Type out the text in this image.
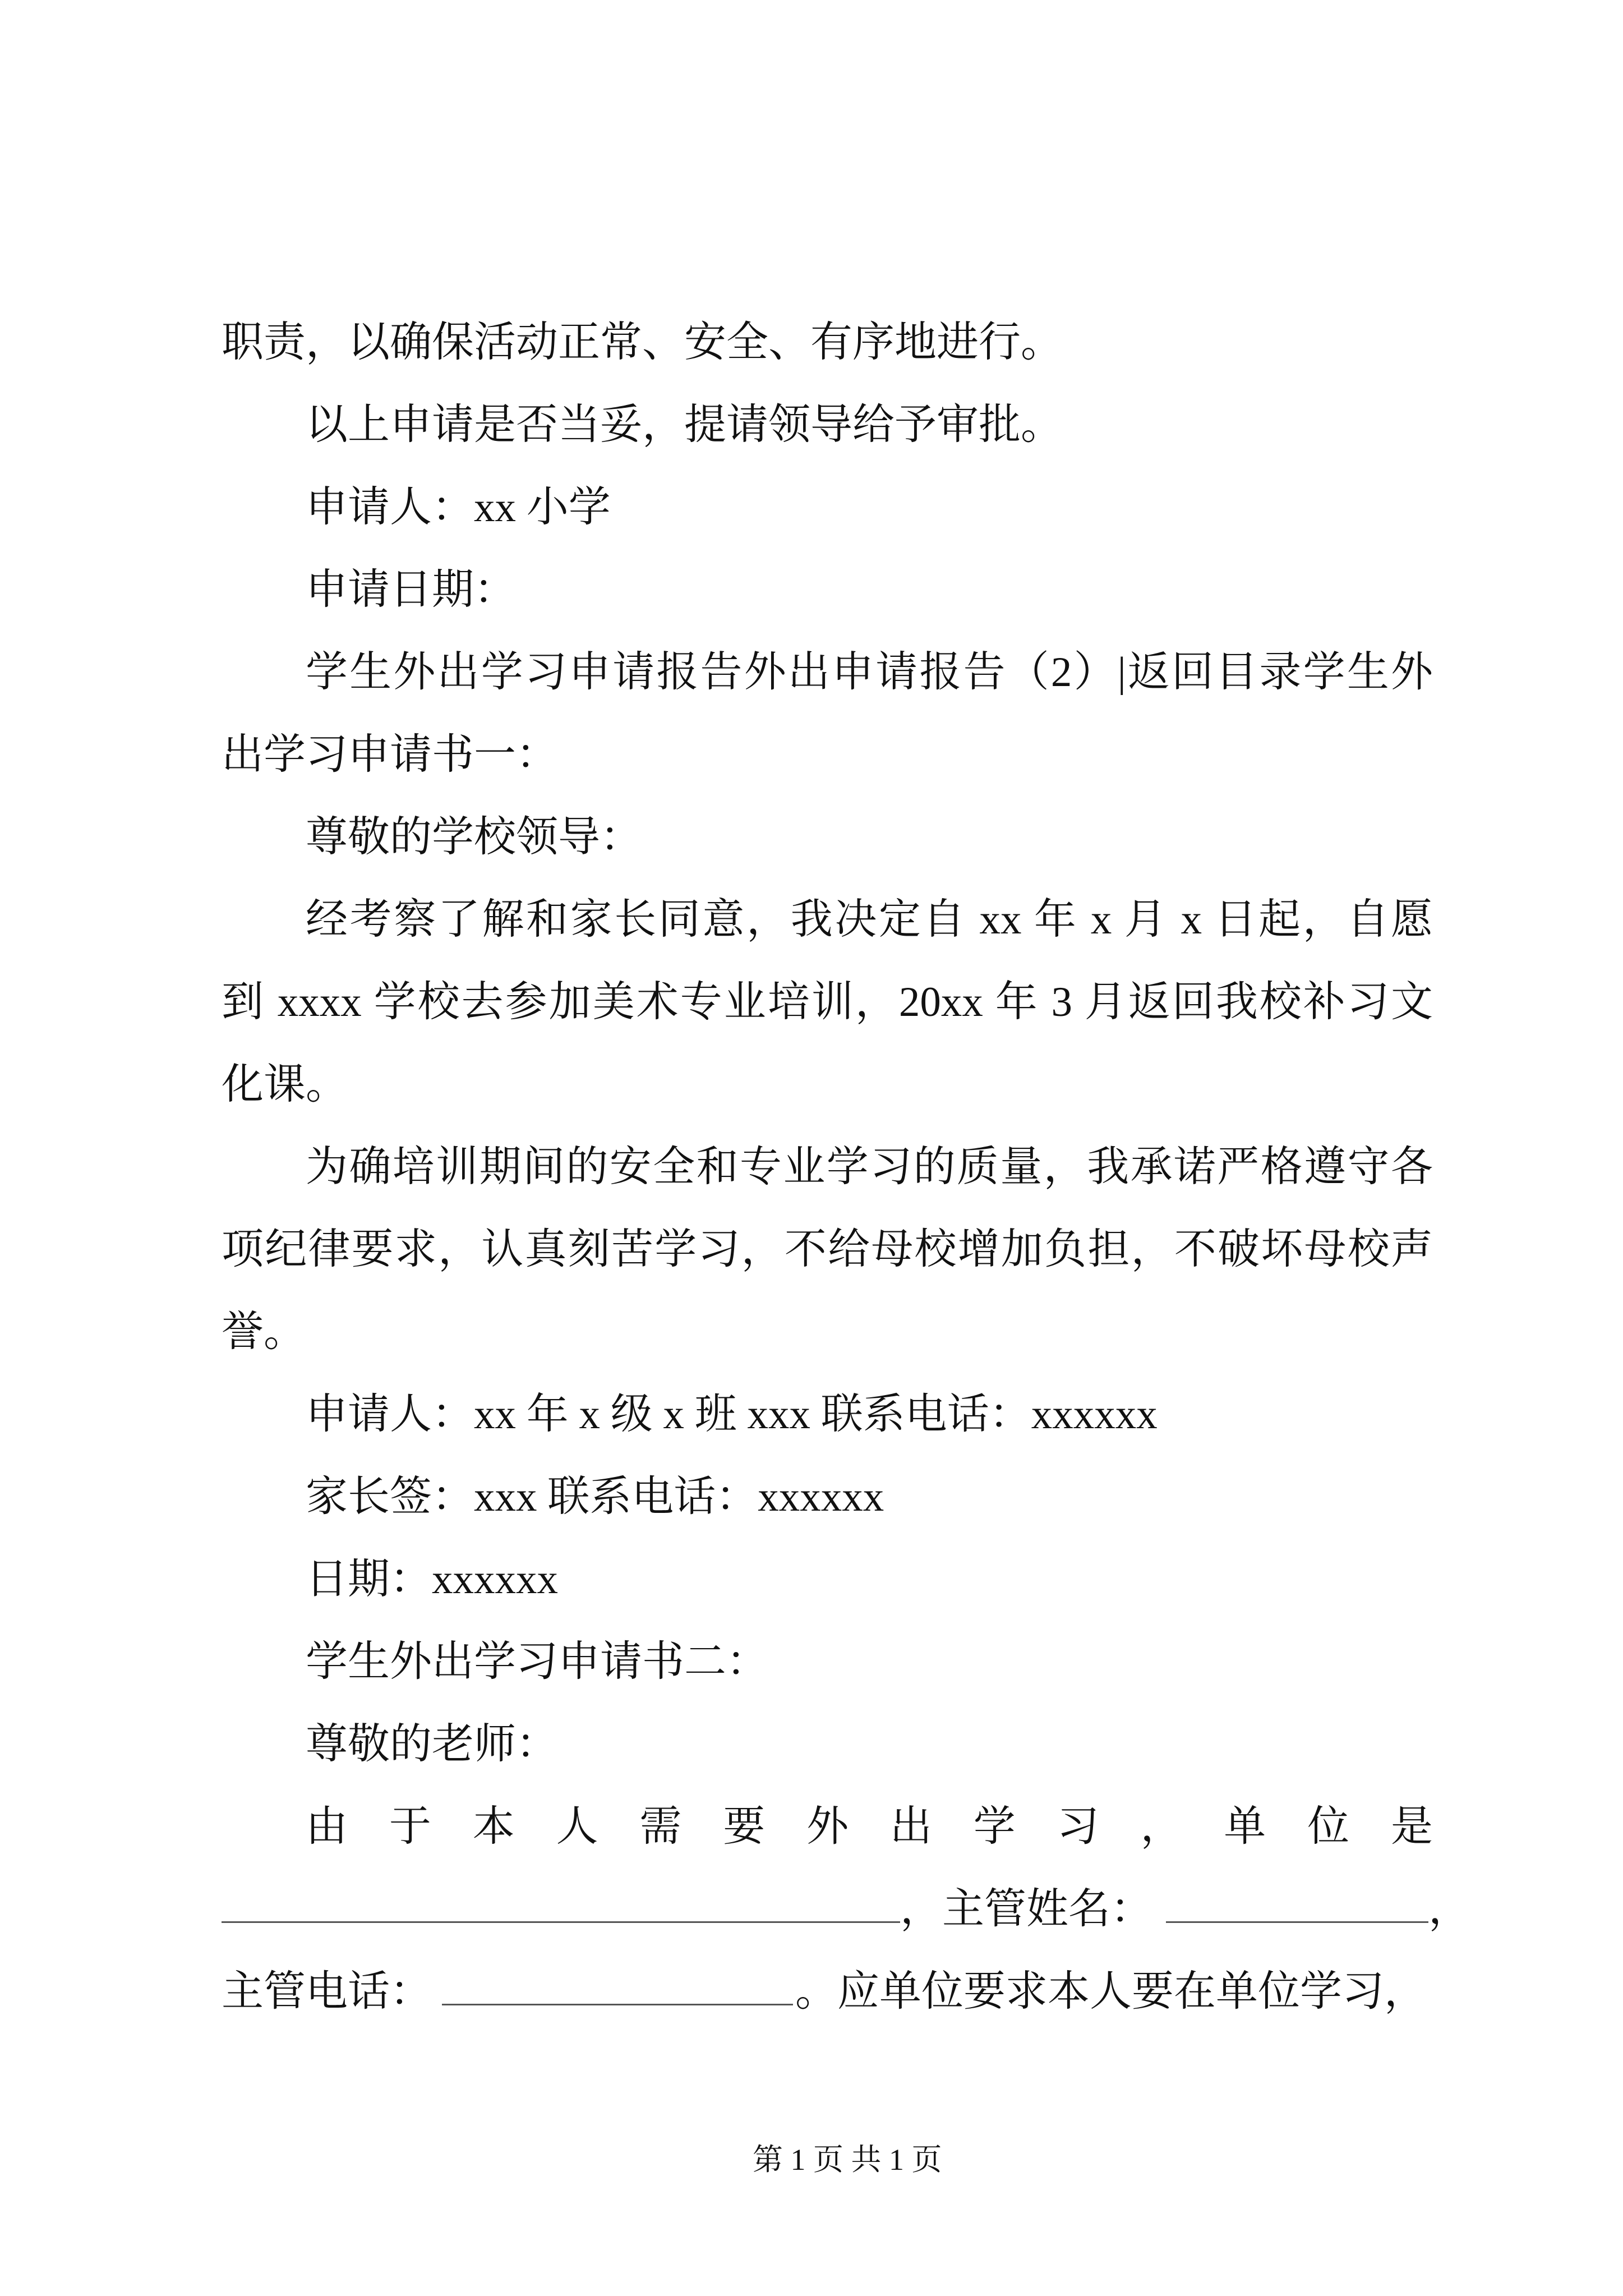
职责，以确保活动正常、安全、有序地进行。
以上申请是否当妥，提请领导给予审批。
申请人：xx 小学
申请日期：
学生外出学习申请报告外出申请报告（2）|返回目录学生外
出学习申请书一：
尊敬的学校领导：
经考察了解和家长同意，我决定自 xx 年 x 月 x 日起，自愿
到 xxxx 学校去参加美术专业培训，20xx 年 3 月返回我校补习文
化课。
为确培训期间的安全和专业学习的质量，我承诺严格遵守各
项纪律要求，认真刻苦学习，不给母校增加负担，不破坏母校声
誉。
申请人：xx 年 x 级 x 班 xxx 联系电话：xxxxxx
家长签：xxx 联系电话：xxxxxx
日期：xxxxxx
学生外出学习申请书二：
尊敬的老师：
由于本人需要外出学习，单位是
，主管姓名：	，
主管电话：	。应单位要求本人要在单位学习，
第 1 页 共 1 页
